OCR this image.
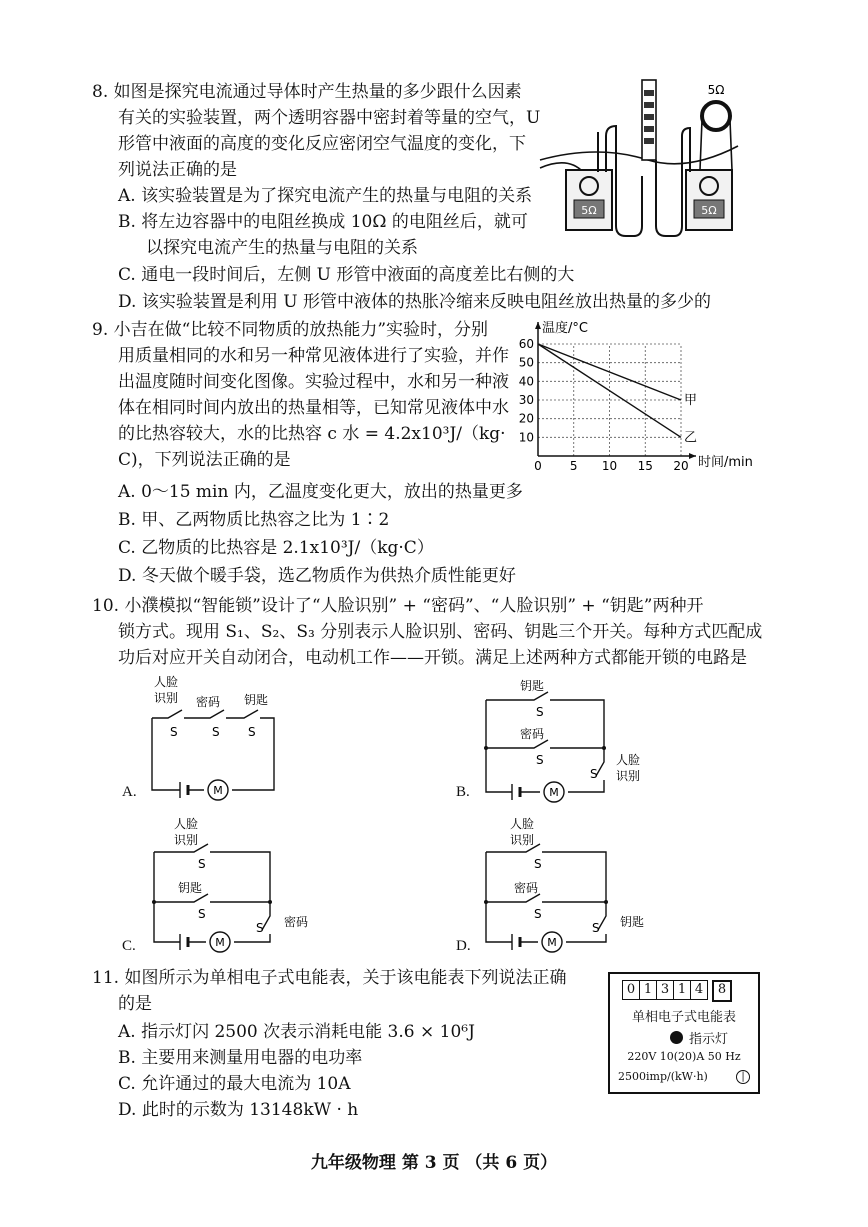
8. 如图是探究电流通过导体时产生热量的多少跟什么因素
有关的实验装置，两个透明容器中密封着等量的空气，U
形管中液面的高度的变化反应密闭空气温度的变化，下
列说法正确的是
A. 该实验装置是为了探究电流产生的热量与电阻的关系
B. 将左边容器中的电阻丝换成 10Ω 的电阻丝后，就可
以探究电流产生的热量与电阻的关系
C. 通电一段时间后，左侧 U 形管中液面的高度差比右侧的大
D. 该实验装置是利用 U 形管中液体的热胀冷缩来反映电阻丝放出热量的多少的
5Ω	5Ω
5Ω
9. 小吉在做“比较不同物质的放热能力”实验时，分别
用质量相同的水和另一种常见液体进行了实验，并作
出温度随时间变化图像。实验过程中，水和另一种液
体在相同时间内放出的热量相等，已知常见液体中水
的比热容较大，水的比热容 c 水 = 4.2x10³J/（kg·
C)，下列说法正确的是
A. 0～15 min 内，乙温度变化更大，放出的热量更多
B. 甲、乙两物质比热容之比为 1∶2
C. 乙物质的比热容是 2.1x10³J/（kg·C）
D. 冬天做个暖手袋，选乙物质作为供热介质性能更好
温度/°C
时间/min
0 5 10 15 20
10
20
30
40
50
60
甲
乙
10. 小濮模拟“智能锁”设计了“人脸识别” + “密码”、“人脸识别” + “钥匙”两种开
锁方式。现用 S₁、S₂、S₃ 分别表示人脸识别、密码、钥匙三个开关。每种方式匹配成
功后对应开关自动闭合，电动机工作——开锁。满足上述两种方式都能开锁的电路是
A.
人脸
识别 密码 钥匙
M
S	S S
B.
钥匙
密码
人脸
识别
M
S
S
S
C.
人脸
识别
钥匙
密码
M
S
S
S
D.
人脸
识别
密码
钥匙
M
S
S
S
11. 如图所示为单相电子式电能表，关于该电能表下列说法正确
的是
A. 指示灯闪 2500 次表示消耗电能 3.6 × 10⁶J
B. 主要用来测量用电器的电功率
C. 允许通过的最大电流为 10A
D. 此时的示数为 13148kW · h
0 1 3 1 4	8
单相电子式电能表
指示灯
220V 10(20)A 50 Hz
2500imp/(kW·h)	|
九年级物理 第 3 页 （共 6 页）
